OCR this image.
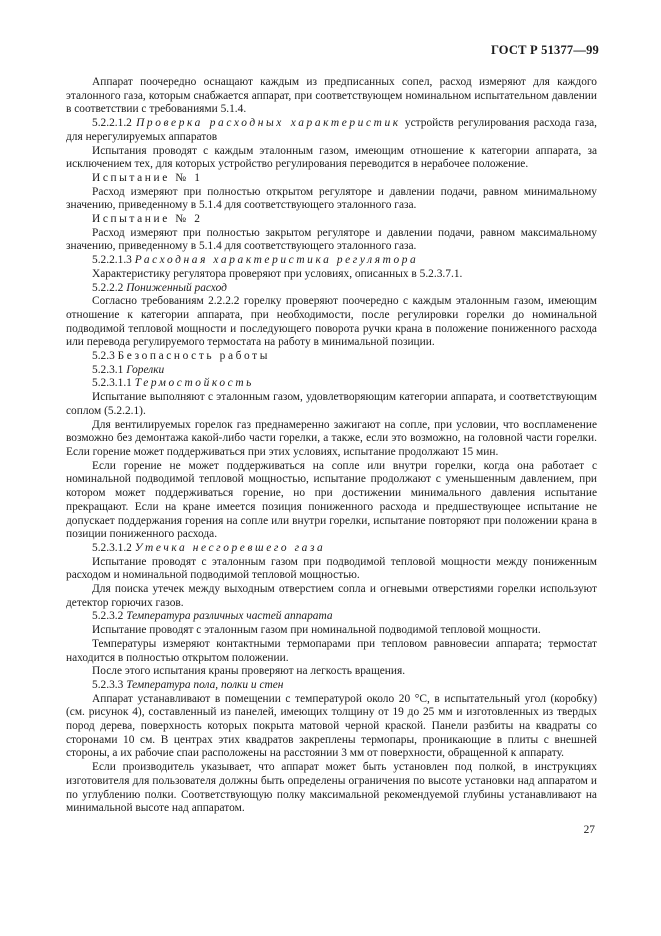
ГОСТ Р 51377—99

Аппарат поочередно оснащают каждым из предписанных сопел, расход измеряют для каждого эталонного газа, которым снабжается аппарат, при соответствующем номинальном испытательном давлении в соответствии с требованиями 5.1.4.

5.2.2.1.2 Проверка расходных характеристик устройств регулирования расхода газа, для нерегулируемых аппаратов

Испытания проводят с каждым эталонным газом, имеющим отношение к категории аппарата, за исключением тех, для которых устройство регулирования переводится в нерабочее положение.

Испытание № 1

Расход измеряют при полностью открытом регуляторе и давлении подачи, равном минимальному значению, приведенному в 5.1.4 для соответствующего эталонного газа.

Испытание № 2

Расход измеряют при полностью закрытом регуляторе и давлении подачи, равном максимальному значению, приведенному в 5.1.4 для соответствующего эталонного газа.

5.2.2.1.3 Расходная характеристика регулятора

Характеристику регулятора проверяют при условиях, описанных в 5.2.3.7.1.

5.2.2.2 Пониженный расход

Согласно требованиям 2.2.2.2 горелку проверяют поочередно с каждым эталонным газом, имеющим отношение к категории аппарата, при необходимости, после регулировки горелки до номинальной подводимой тепловой мощности и последующего поворота ручки крана в положение пониженного расхода или перевода регулируемого термостата на работу в минимальной позиции.

5.2.3 Безопасность работы

5.2.3.1 Горелки

5.2.3.1.1 Термостойкость

Испытание выполняют с эталонным газом, удовлетворяющим категории аппарата, и соответствующим соплом (5.2.2.1).

Для вентилируемых горелок газ преднамеренно зажигают на сопле, при условии, что воспламенение возможно без демонтажа какой-либо части горелки, а также, если это возможно, на головной части горелки. Если горение может поддерживаться при этих условиях, испытание продолжают 15 мин.

Если горение не может поддерживаться на сопле или внутри горелки, когда она работает с номинальной подводимой тепловой мощностью, испытание продолжают с уменьшенным давлением, при котором может поддерживаться горение, но при достижении минимального давления испытание прекращают. Если на кране имеется позиция пониженного расхода и предшествующее испытание не допускает поддержания горения на сопле или внутри горелки, испытание повторяют при положении крана в позиции пониженного расхода.

5.2.3.1.2 Утечка несгоревшего газа

Испытание проводят с эталонным газом при подводимой тепловой мощности между пониженным расходом и номинальной подводимой тепловой мощностью.

Для поиска утечек между выходным отверстием сопла и огневыми отверстиями горелки используют детектор горючих газов.

5.2.3.2 Температура различных частей аппарата

Испытание проводят с эталонным газом при номинальной подводимой тепловой мощности.

Температуры измеряют контактными термопарами при тепловом равновесии аппарата; термостат находится в полностью открытом положении.

После этого испытания краны проверяют на легкость вращения.

5.2.3.3 Температура пола, полки и стен

Аппарат устанавливают в помещении с температурой около 20 °С, в испытательный угол (коробку) (см. рисунок 4), составленный из панелей, имеющих толщину от 19 до 25 мм и изготовленных из твердых пород дерева, поверхность которых покрыта матовой черной краской. Панели разбиты на квадраты со сторонами 10 см. В центрах этих квадратов закреплены термопары, проникающие в плиты с внешней стороны, а их рабочие спаи расположены на расстоянии 3 мм от поверхности, обращенной к аппарату.

Если производитель указывает, что аппарат может быть установлен под полкой, в инструкциях изготовителя для пользователя должны быть определены ограничения по высоте установки над аппаратом и по углублению полки. Соответствующую полку максимальной рекомендуемой глубины устанавливают на минимальной высоте над аппаратом.

27
